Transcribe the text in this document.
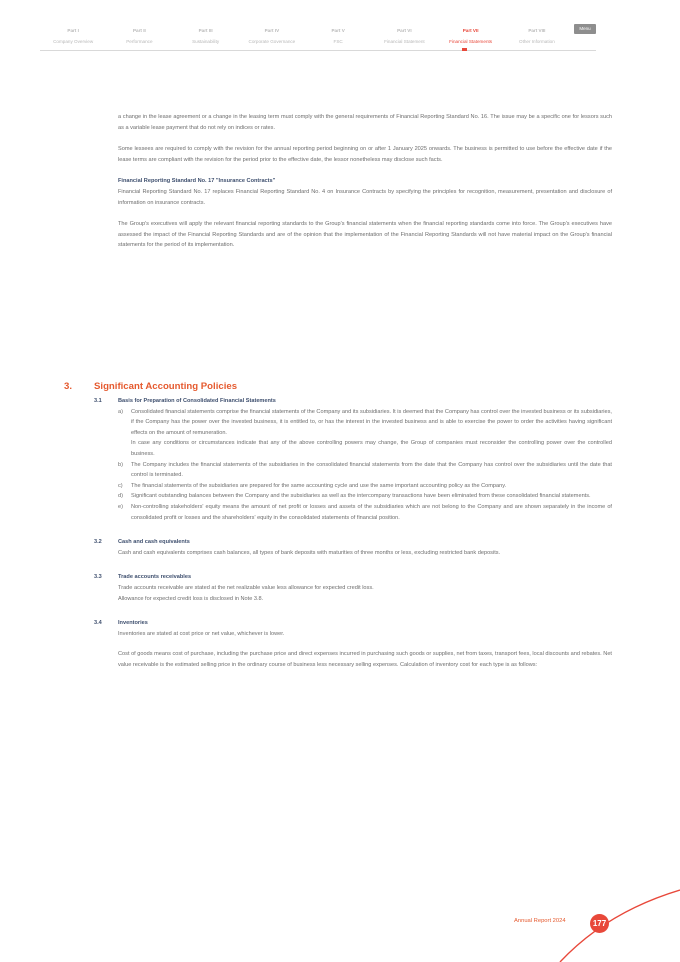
Part I

Company Overview

Part II

Performance

Part III

Sustainability

Part IV

Corporate Governance

Part V

FSC

Part VI

Financial Statement

Part VII

Financial Statements

Part VIII

Other Information

Menu

a change in the lease agreement or a change in the leasing term must comply with the general requirements of Financial Reporting Standard No. 16. The issue may be a specific one for lessors such as a variable lease payment that do not rely on indices or rates.

Some lessees are required to comply with the revision for the annual reporting period beginning on or after 1 January 2025 onwards. The business is permitted to use before the effective date if the lease terms are compliant with the revision for the period prior to the effective date, the lessor nonetheless may disclose such facts.

Financial Reporting Standard No. 17 "Insurance Contracts"

Financial Reporting Standard No. 17 replaces Financial Reporting Standard No. 4 on Insurance Contracts by specifying the principles for recognition, measurement, presentation and disclosure of information on insurance contracts.

The Group's executives will apply the relevant financial reporting standards to the Group's financial statements when the financial reporting standards come into force. The Group's executives have assessed the impact of the Financial Reporting Standards and are of the opinion that the implementation of the Financial Reporting Standards will not have material impact on the Group's financial statements for the period of its implementation.

3. Significant Accounting Policies
3.1	Basis for Preparation of Consolidated Financial Statements
a)	Consolidated financial statements comprise the financial statements of the Company and its subsidiaries. It is deemed that the Company has control over the invested business or its subsidiaries, if the Company has the power over the invested business, it is entitled to, or has the interest in the invested business and is able to exercise the power to order the activities having significant effects on the amount of remuneration.
In case any conditions or circumstances indicate that any of the above controlling powers may change, the Group of companies must reconsider the controlling power over the controlled business.
b)	The Company includes the financial statements of the subsidiaries in the consolidated financial statements from the date that the Company has control over the subsidiaries until the date that control is terminated.
c)	The financial statements of the subsidiaries are prepared for the same accounting cycle and use the same important accounting policy as the Company.
d)	Significant outstanding balances between the Company and the subsidiaries as well as the intercompany transactions have been eliminated from these consolidated financial statements.
e)	Non-controlling stakeholders' equity means the amount of net profit or losses and assets of the subsidiaries which are not belong to the Company and are shown separately in the income of consolidated profit or losses and the shareholders' equity in the consolidated statements of financial position.
3.2	Cash and cash equivalents

Cash and cash equivalents comprises cash balances, all types of bank deposits with maturities of three months or less, excluding restricted bank deposits.

3.3	Trade accounts receivables

Trade accounts receivable are stated at the net realizable value less allowance for expected credit loss.

Allowance for expected credit loss is disclosed in Note 3.8.

3.4	Inventories

Inventories are stated at cost price or net value, whichever is lower.

Cost of goods means cost of purchase, including the purchase price and direct expenses incurred in purchasing such goods or supplies, net from taxes, transport fees, local discounts and rebates. Net value receivable is the estimated selling price in the ordinary course of business less necessary selling expenses. Calculation of inventory cost for each type is as follows:

Annual Report 2024	177
